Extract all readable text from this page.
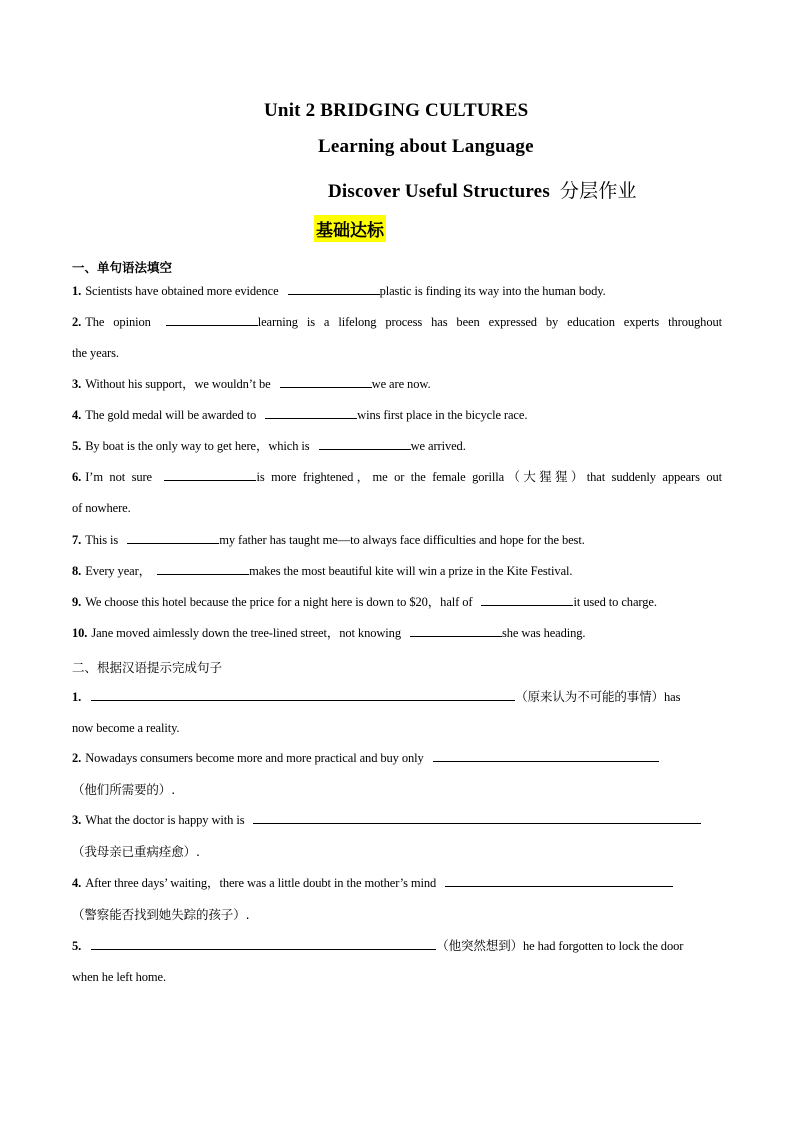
Unit 2 BRIDGING CULTURES
Learning about Language
Discover Useful Structures 分层作业
基础达标
一、单句语法填空
1. Scientists have obtained more evidence	plastic is finding its way into the human body.
2. The opinion	learning is a lifelong process has been expressed by education experts throughout
the years.
3. Without his support，we wouldn’t be	we are now.
4. The gold medal will be awarded to	wins first place in the bicycle race.
5. By boat is the only way to get here，which is	we arrived.
6. I’m not sure	is more frightened，me or the female gorilla（大猩猩）that suddenly appears out
of nowhere.
7. This is	my father has taught me—to always face difficulties and hope for the best.
8. Every year，	makes the most beautiful kite will win a prize in the Kite Festival.
9. We choose this hotel because the price for a night here is down to $20，half of	it used to charge.
10. Jane moved aimlessly down the tree-lined street，not knowing	she was heading.
二、根据汉语提示完成句子
1.	（原来认为不可能的事情）has
now become a reality.
2. Nowadays consumers become more and more practical and buy only
（他们所需要的）.
3. What the doctor is happy with is
（我母亲已重病痊愈）.
4. After three days’ waiting，there was a little doubt in the mother’s mind
（警察能否找到她失踪的孩子）.
5.	（他突然想到）he had forgotten to lock the door
when he left home.
